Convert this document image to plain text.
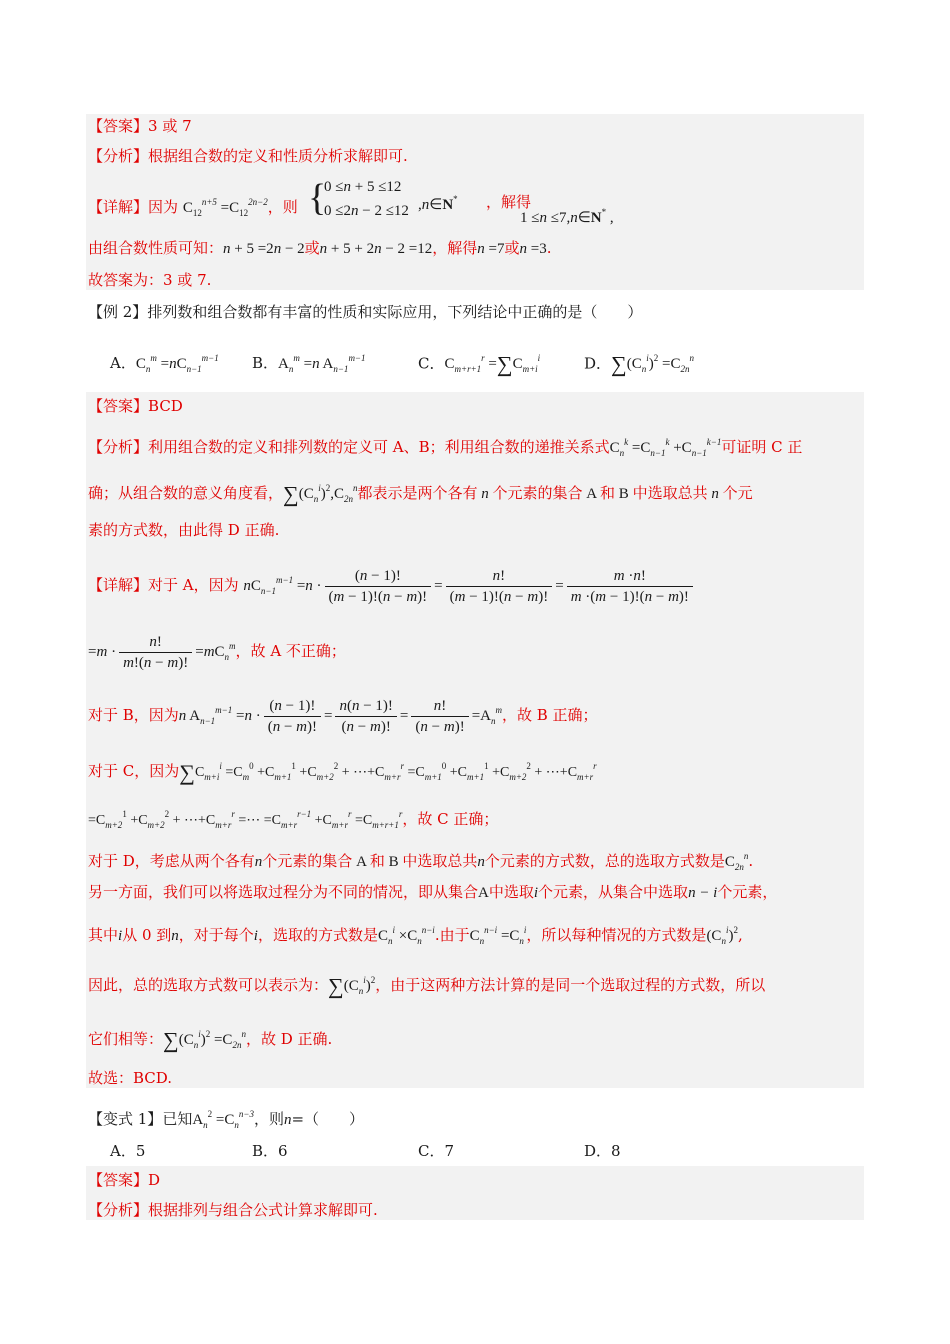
【答案】3 或 7
【分析】根据组合数的定义和性质分析求解即可.
【详解】因为 $C_{12}^{n+5} =C_{12}^{2n-2}$，则 {
0 ≤n + 5 ≤12
0 ≤2n − 2 ≤12 ,n∈N* ，解得
1 ≤n ≤7,n∈N* ,
由组合数性质可知：n + 5 =2n − 2或n + 5 + 2n − 2 =12，解得n =7或n =3.
故答案为：3 或 7.
【例 2】排列数和组合数都有丰富的性质和实际应用，下列结论中正确的是（　　）
A．$C_n^m =nC_{n-1}^{m-1}$ B．$A_n^m =n$ $A_{n-1}^{m-1}$	C．$C_{m+r+1}^r =\sum C_{m+i}^i$	D．$\sum(C_n^i)^2 =C_{2n}^n$
【答案】BCD
【分析】利用组合数的定义和排列数的定义可 A、B；利用组合数的递推关系式$C_n^k =C_{n-1}^k +C_{n-1}^{k-1}$可证明 C 正
确；从组合数的意义角度看，$\sum(C_n^i)^2,C_{2n}^n$都表示是两个各有 n 个元素的集合 A 和 B 中选取总共 n 个元
素的方式数，由此得 D 正确.
【详解】对于 A，因为 $nC_{n-1}^{m-1} =n \cdot \frac{(n - 1)!}{(m - 1)!(n - m)!} = \frac{n!}{(m - 1)!(n - m)!} = \frac{m \cdot n!}{m \cdot(m - 1)!(n - m)!}$
$=m \cdot \frac{n!}{m!(n - m)!} =mC_n^m$，故 A 不正确；
对于 B，因为n $A_{n-1}^{m-1} =n \cdot \frac{(n - 1)!}{(n - m)!} = \frac{n(n - 1)!}{(n - m)!} = \frac{n!}{(n - m)!} =A_n^m$，故 B 正确；
对于 C，因为$\sum C_{m+i}^i =C_m^0 +C_{m+1}^1 +C_{m+2}^2$ + $\cdots+C_{m+r}^r =C_{m+1}^0 +C_{m+1}^1 +C_{m+2}^2$ + $\cdots+C_{m+r}^r$
$=C_{m+2}^1 +C_{m+2}^2$ + $\cdots+C_{m+r}^r$ =⋯ $=C_{m+r}^{r-1} +C_{m+r}^r =C_{m+r+1}^r$，故 C 正确；
对于 D，考虑从两个各有n个元素的集合 A 和 B 中选取总共n个元素的方式数，总的选取方式数是$C_{2n}^n$.
另一方面，我们可以将选取过程分为不同的情况，即从集合A中选取i个元素，从集合中选取n − i个元素，
其中i从 0 到n，对于每个i，选取的方式数是$C_n^i \times C_n^{n-i}$.由于$C_n^{n-i} =C_n^i$，所以每种情况的方式数是$(C_n^i)^2$,
因此，总的选取方式数可以表示为：$\sum(C_n^i)^2$，由于这两种方法计算的是同一个选取过程的方式数，所以
它们相等：$\sum(C_n^i)^2 =C_{2n}^n$，故 D 正确.
故选：BCD.
【变式 1】已知$A_n^2 =C_n^{n-3}$，则n=（　　）
A．5	B．6	C．7	D．8
【答案】D
【分析】根据排列与组合公式计算求解即可.
